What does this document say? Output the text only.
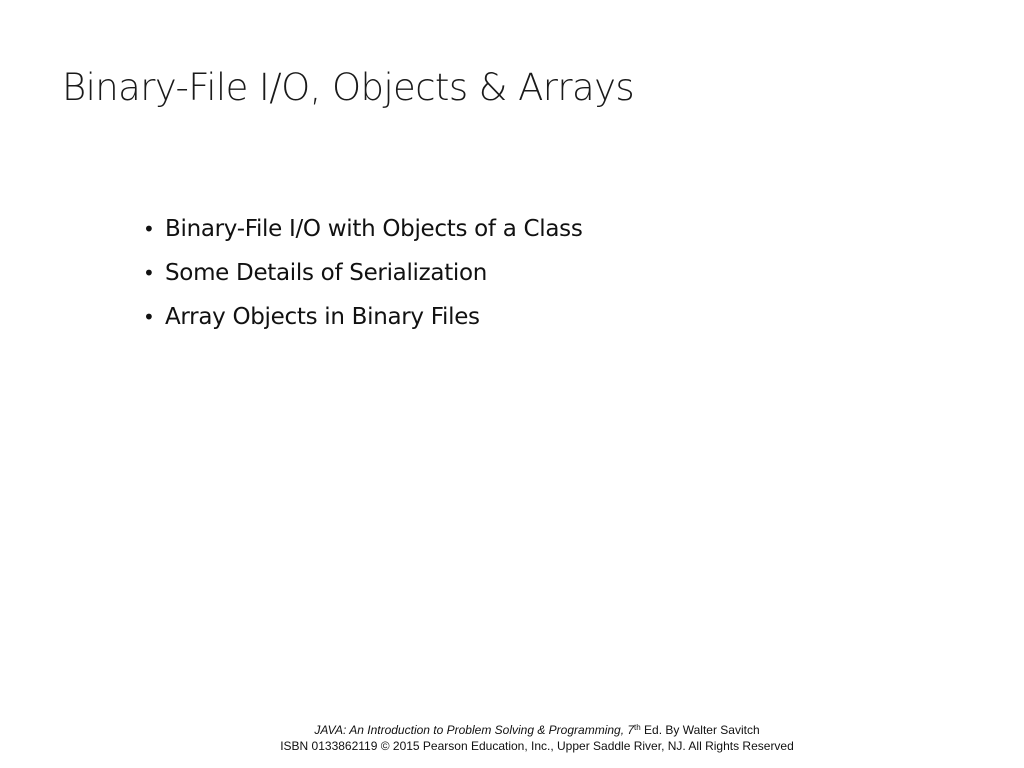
Binary-File I/O, Objects & Arrays
• Binary-File I/O with Objects of a Class
• Some Details of Serialization
• Array Objects in Binary Files
JAVA: An Introduction to Problem Solving & Programming, 7th Ed. By Walter Savitch
ISBN 0133862119 © 2015 Pearson Education, Inc., Upper Saddle River, NJ. All Rights Reserved
